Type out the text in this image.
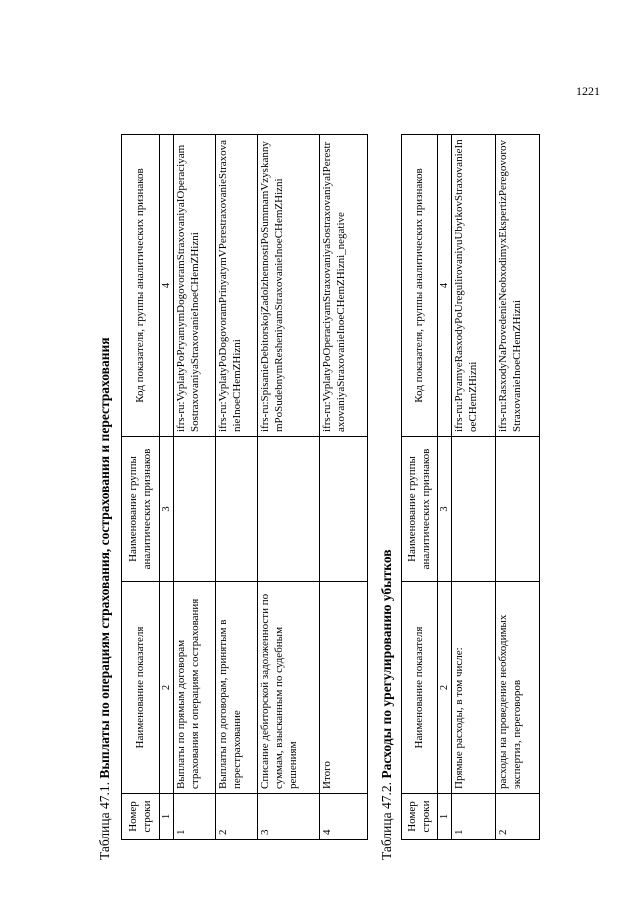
1221
Таблица 47.1. Выплаты по операциям страхования, сострахования и перестрахования
Номер строки	Наименование показателя	Наименование группы аналитических признаков	Код показателя, группы аналитических признаков
1	2	3	4
1	Выплаты по прямым договорам страхования и операциям сострахования		ifrs-ru:VyplatyPoPryamymDogovoramStraxovaniyaIOperaciyamSostraxovaniyaStraxovanieInoeCHemZHizni
2	Выплаты по договорам, принятым в перестрахование		ifrs-ru:VyplatyPoDogovoramPrinyatymVPerestraxovanieStraxovanieInoeCHemZHizni
3	Списание дебиторской задолженности по суммам, взысканным по судебным решениям		ifrs-ru:SpisanieDebitorskojZadolzhennostiPoSummamVzyskannymPoSudebnymResheniyamStraxovanieInoeCHemZHizni
4	Итого		ifrs-ru:VyplatyPoOperaciyamStraxovaniyaSostraxovaniyaIPerestraxovaniyaStraxovanieInoeCHemZHizni_negative
Таблица 47.2. Расходы по урегулированию убытков
Номер строки	Наименование показателя	Наименование группы аналитических признаков	Код показателя, группы аналитических признаков
1	2	3	4
1	Прямые расходы, в том числе:		ifrs-ru:PryamyeRasxodyPoUregulirovaniyuUbytkovStraxovanieInoeCHemZHizni
2	расходы на проведение необходимых экспертиз, переговоров		ifrs-ru:RasxodyNaProvedenieNeobxodimyxEkspertizPeregovorovStraxovanieInoeCHemZHizni
